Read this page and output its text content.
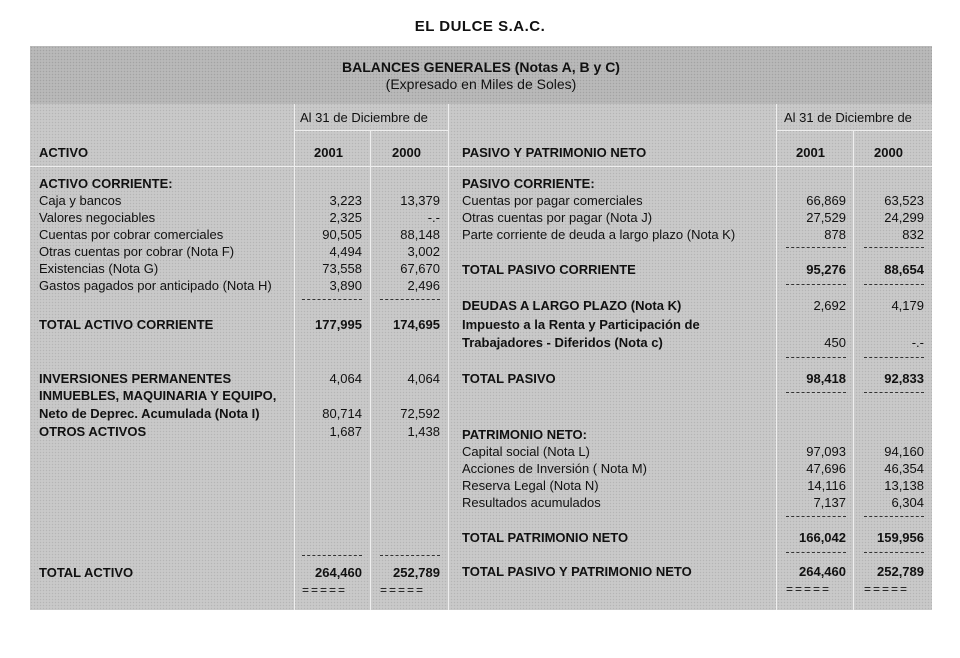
EL DULCE S.A.C.
BALANCES GENERALES (Notas A, B y C)
(Expresado en Miles de Soles)
Al 31 de Diciembre de	Al 31 de Diciembre de
ACTIVO	2001	2000	PASIVO Y PATRIMONIO NETO	2001	2000
ACTIVO CORRIENTE:
Caja y bancos	3,223	13,379
Valores negociables	2,325	-.-
Cuentas por cobrar comerciales	90,505	88,148
Otras cuentas por cobrar (Nota F)	4,494	3,002
Existencias (Nota G)	73,558	67,670
Gastos pagados por anticipado (Nota H)	3,890	2,496
TOTAL ACTIVO CORRIENTE	177,995	174,695
INVERSIONES PERMANENTES	4,064	4,064
INMUEBLES, MAQUINARIA Y EQUIPO,
Neto de Deprec. Acumulada (Nota I)	80,714	72,592
OTROS ACTIVOS	1,687	1,438
TOTAL ACTIVO	264,460	252,789
=====	=====
PASIVO CORRIENTE:
Cuentas por pagar comerciales	66,869	63,523
Otras cuentas por pagar (Nota J)	27,529	24,299
Parte corriente de deuda a largo plazo (Nota K)	878	832
TOTAL PASIVO CORRIENTE	95,276	88,654
DEUDAS A LARGO PLAZO (Nota K)	2,692	4,179
Impuesto a la Renta y Participación de
Trabajadores - Diferidos (Nota c)	450	-.-
TOTAL PASIVO	98,418	92,833
PATRIMONIO NETO:
Capital social (Nota L)	97,093	94,160
Acciones de Inversión ( Nota M)	47,696	46,354
Reserva Legal (Nota N)	14,116	13,138
Resultados acumulados	7,137	6,304
TOTAL PATRIMONIO NETO	166,042	159,956
TOTAL PASIVO Y PATRIMONIO NETO	264,460	252,789
=====	=====
